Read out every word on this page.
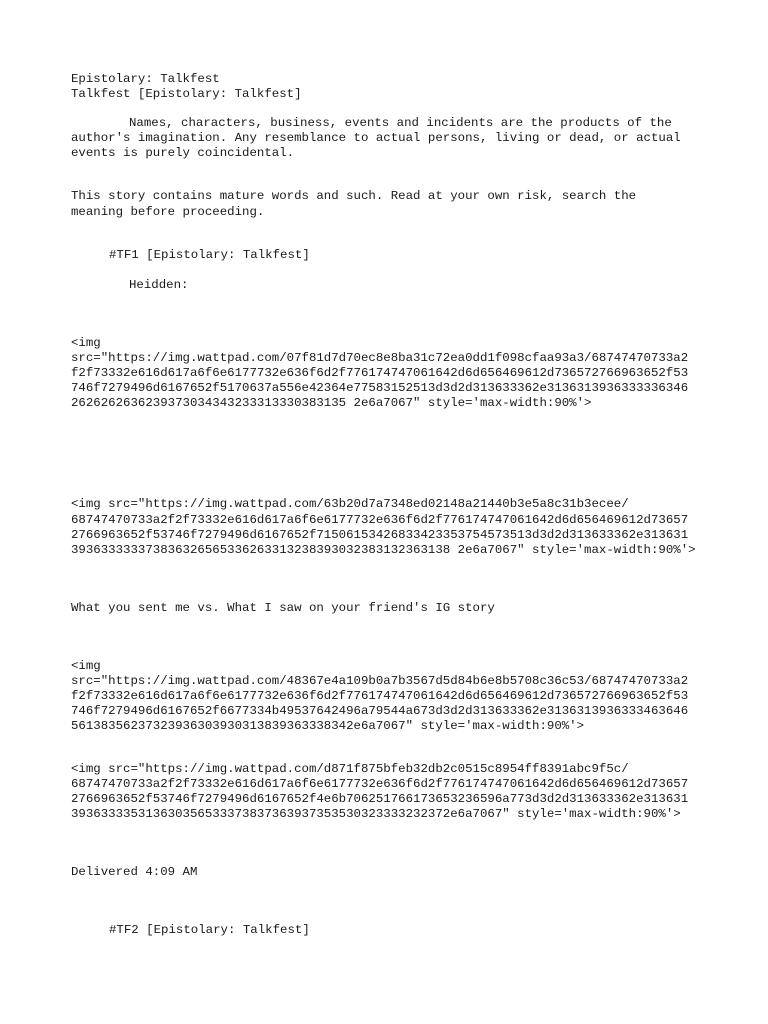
Epistolary: Talkfest

Talkfest [Epistolary: Talkfest]

Names, characters, business, events and incidents are the products of the

author's imagination. Any resemblance to actual persons, living or dead, or actual

events is purely coincidental.

This story contains mature words and such. Read at your own risk, search the

meaning before proceeding.

#TF1 [Epistolary: Talkfest]

Heidden:

<img

src="https://img.wattpad.com/07f81d7d70ec8e8ba31c72ea0dd1f098cfaa93a3/68747470733a2

f2f73332e616d617a6f6e6177732e636f6d2f776174747061642d6d656469612d736572766963652f53

746f7279496d6167652f5170637a556e42364e77583152513d3d2d313633362e3136313936333336346

2626262636239373034343233313330383135 2e6a7067" style='max-width:90%'>

<img src="https://img.wattpad.com/63b20d7a7348ed02148a21440b3e5a8c31b3ecee/

68747470733a2f2f73332e616d617a6f6e6177732e636f6d2f776174747061642d6d656469612d73657

2766963652f53746f7279496d6167652f71506153426833423353754573513d3d2d313633362e313631

393633333373836326565336263313238393032383132363138 2e6a7067" style='max-width:90%'>

What you sent me vs. What I saw on your friend's IG story

<img

src="https://img.wattpad.com/48367e4a109b0a7b3567d5d84b6e8b5708c36c53/68747470733a2

f2f73332e616d617a6f6e6177732e636f6d2f776174747061642d6d656469612d736572766963652f53

746f7279496d6167652f6677334b49537642496a79544a673d3d2d313633362e3136313936333463646

56138356237323936303930313839363338342e6a7067" style='max-width:90%'>

<img src="https://img.wattpad.com/d871f875bfeb32db2c0515c8954ff8391abc9f5c/

68747470733a2f2f73332e616d617a6f6e6177732e636f6d2f776174747061642d6d656469612d73657

2766963652f53746f7279496d6167652f4e6b706251766173653236596a773d3d2d313633362e313631

393633335313630356533373837363937353530323333232372e6a7067" style='max-width:90%'>

Delivered 4:09 AM

#TF2 [Epistolary: Talkfest]
